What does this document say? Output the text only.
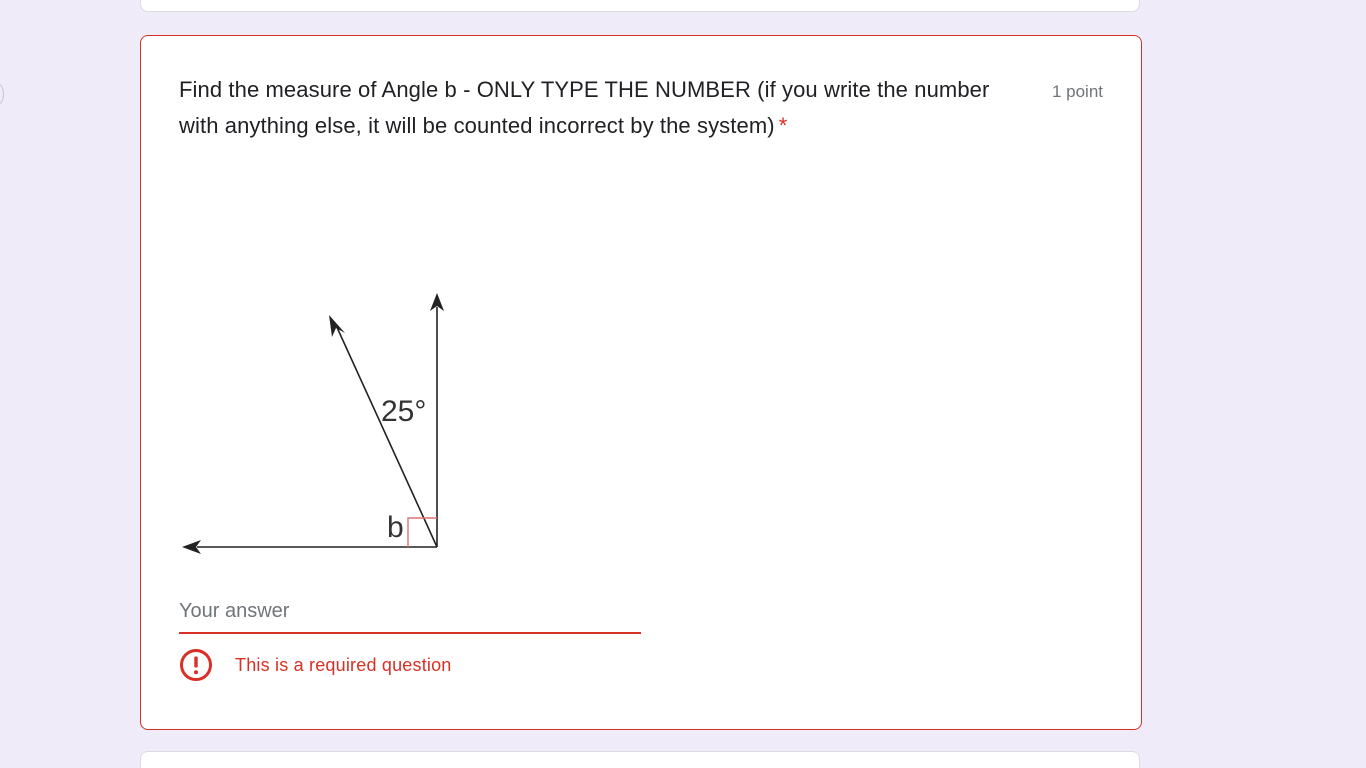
Find the measure of Angle b - ONLY TYPE THE NUMBER (if you write the number with anything else, it will be counted incorrect by the system) *
1 point
25°
b
Your answer
This is a required question
